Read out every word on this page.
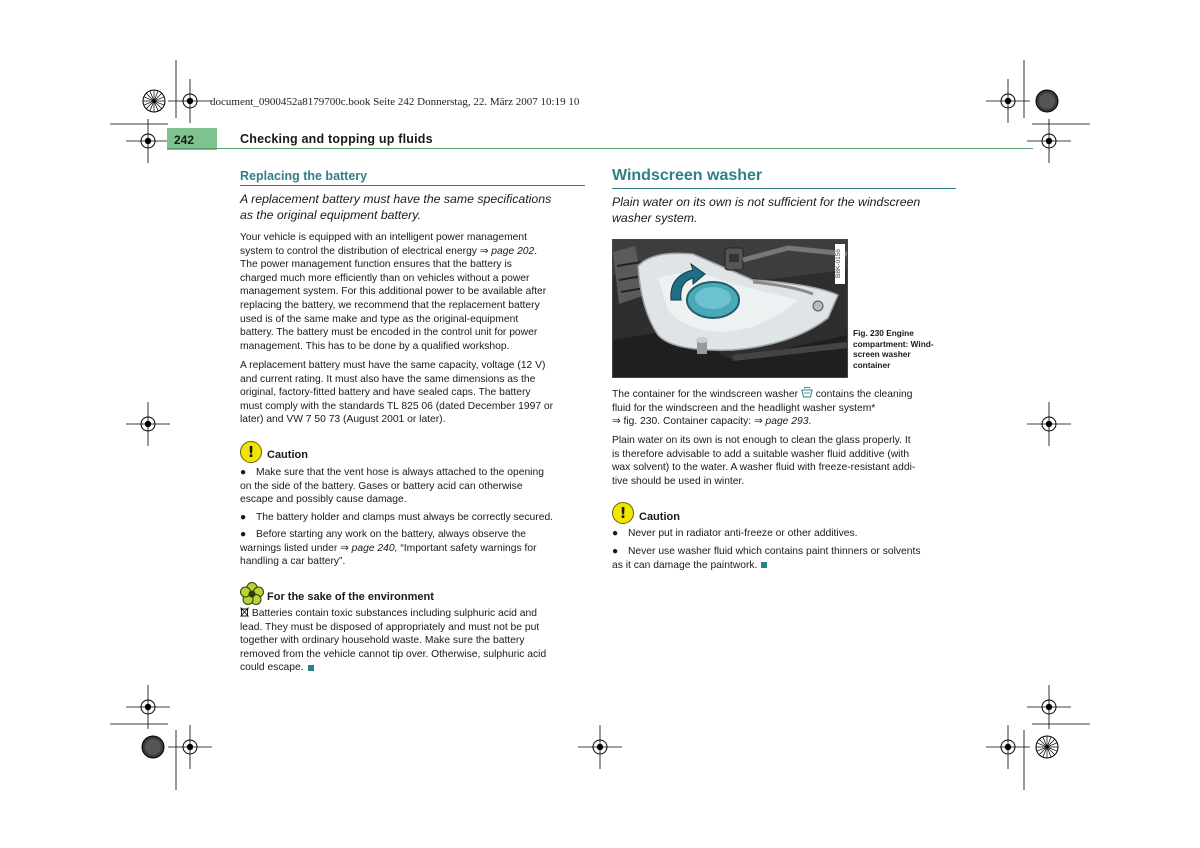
document_0900452a8179700c.book Seite 242 Donnerstag, 22. März 2007 10:19 10
242	Checking and topping up fluids
Replacing the battery
A replacement battery must have the same specifications
as the original equipment battery.
Your vehicle is equipped with an intelligent power management
system to control the distribution of electrical energy ⇒ page 202.
The power management function ensures that the battery is
charged much more efficiently than on vehicles without a power
management system. For this additional power to be available after
replacing the battery, we recommend that the replacement battery
used is of the same make and type as the original-equipment
battery. The battery must be encoded in the control unit for power
management. This has to be done by a qualified workshop.
A replacement battery must have the same capacity, voltage (12 V)
and current rating. It must also have the same dimensions as the
original, factory-fitted battery and have sealed caps. The battery
must comply with the standards TL 825 06 (dated December 1997 or
later) and VW 7 50 73 (August 2001 or later).
!	Caution
● Make sure that the vent hose is always attached to the opening
on the side of the battery. Gases or battery acid can otherwise
escape and possibly cause damage.
● The battery holder and clamps must always be correctly secured.
● Before starting any work on the battery, always observe the
warnings listed under ⇒ page 240, “Important safety warnings for
handling a car battery”.
For the sake of the environment
Batteries contain toxic substances including sulphuric acid and
lead. They must be disposed of appropriately and must not be put
together with ordinary household waste. Make sure the battery
removed from the vehicle cannot tip over. Otherwise, sulphuric acid
could escape.
Windscreen washer
Plain water on its own is not sufficient for the windscreen
washer system.
B8K-0156
Fig. 230 Engine
compartment: Wind-
screen washer
container
The container for the windscreen washer  contains the cleaning
fluid for the windscreen and the headlight washer system*
⇒ fig. 230. Container capacity: ⇒ page 293.
Plain water on its own is not enough to clean the glass properly. It
is therefore advisable to add a suitable washer fluid additive (with
wax solvent) to the water. A washer fluid with freeze-resistant addi-
tive should be used in winter.
!	Caution
● Never put in radiator anti-freeze or other additives.
● Never use washer fluid which contains paint thinners or solvents
as it can damage the paintwork.
